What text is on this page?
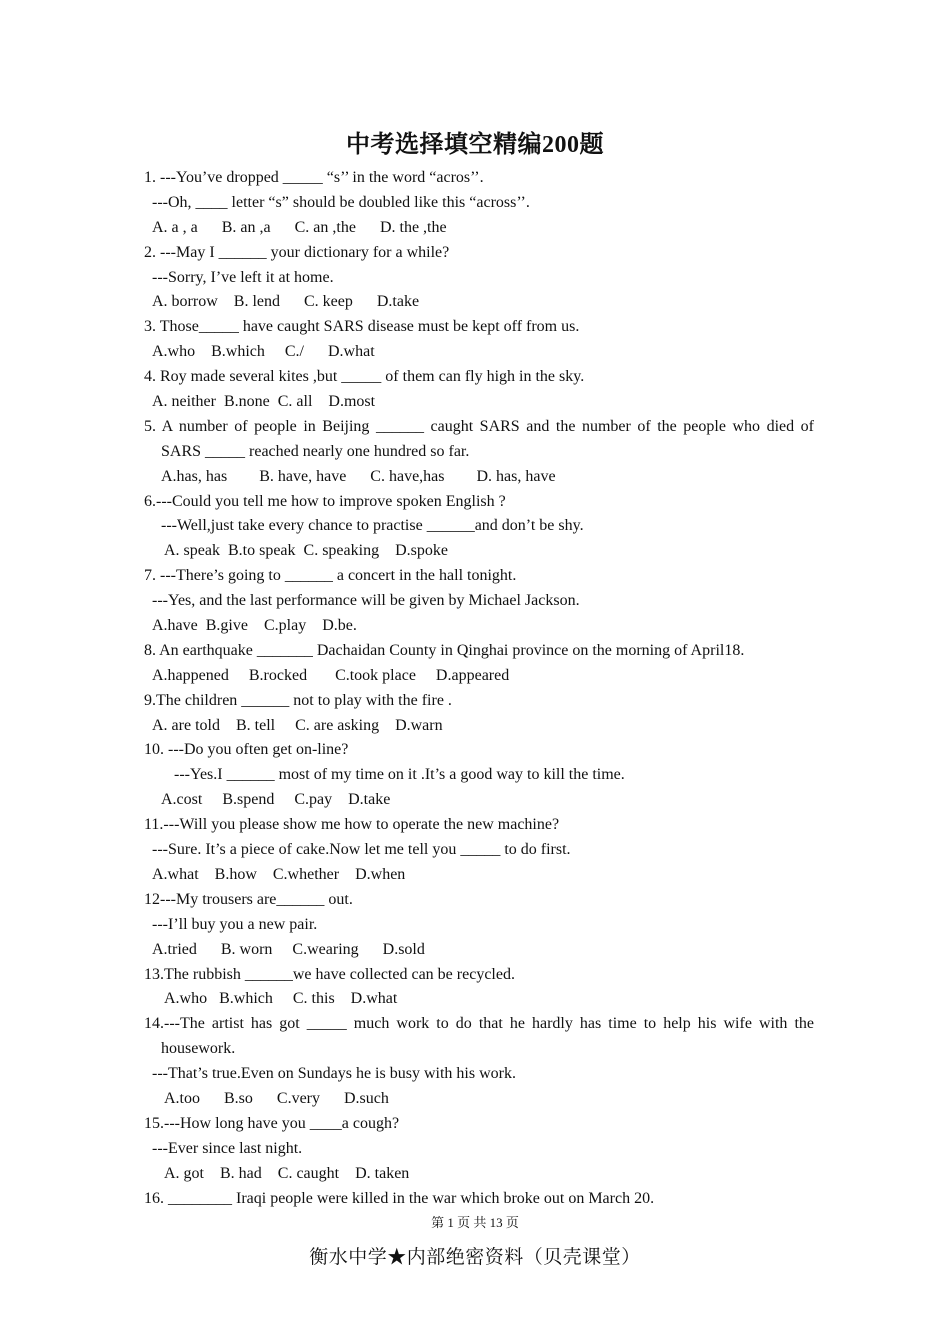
中考选择填空精编200题
1. ---You’ve dropped _____ “s’’ in the word “acros’’.
---Oh, ____ letter “s” should be doubled like this “across’’.
A. a , a      B. an ,a      C. an ,the      D. the ,the
2. ---May I ______ your dictionary for a while?
---Sorry, I’ve left it at home.
A. borrow    B. lend      C. keep      D.take
3. Those_____ have caught SARS disease must be kept off from us.
A.who    B.which     C./      D.what
4. Roy made several kites ,but _____ of them can fly high in the sky.
A. neither  B.none  C. all    D.most
5. A number of people in Beijing ______ caught SARS and the number of the people who died of
SARS _____ reached nearly one hundred so far.
A.has, has        B. have, have      C. have,has        D. has, have
6.---Could you tell me how to improve spoken English ?
---Well,just take every chance to practise ______and don’t be shy.
A. speak  B.to speak  C. speaking    D.spoke
7. ---There’s going to ______ a concert in the hall tonight.
---Yes, and the last performance will be given by Michael Jackson.
A.have  B.give    C.play    D.be.
8. An earthquake _______ Dachaidan County in Qinghai province on the morning of April18.
A.happened     B.rocked       C.took place     D.appeared
9.The children ______ not to play with the fire .
A. are told    B. tell     C. are asking    D.warn
10. ---Do you often get on-line?
---Yes.I ______ most of my time on it .It’s a good way to kill the time.
A.cost     B.spend     C.pay    D.take
11.---Will you please show me how to operate the new machine?
---Sure. It’s a piece of cake.Now let me tell you _____ to do first.
A.what    B.how    C.whether    D.when
12---My trousers are______ out.
---I’ll buy you a new pair.
A.tried      B. worn     C.wearing      D.sold
13.The rubbish ______we have collected can be recycled.
A.who   B.which     C. this    D.what
14.---The artist has got _____ much work to do that he hardly has time to help his wife with the
housework.
---That’s true.Even on Sundays he is busy with his work.
A.too      B.so      C.very      D.such
15.---How long have you ____a cough?
---Ever since last night.
A. got    B. had    C. caught    D. taken
16. ________ Iraqi people were killed in the war which broke out on March 20.
第 1 页 共 13 页
衡水中学★内部绝密资料（贝壳课堂）
